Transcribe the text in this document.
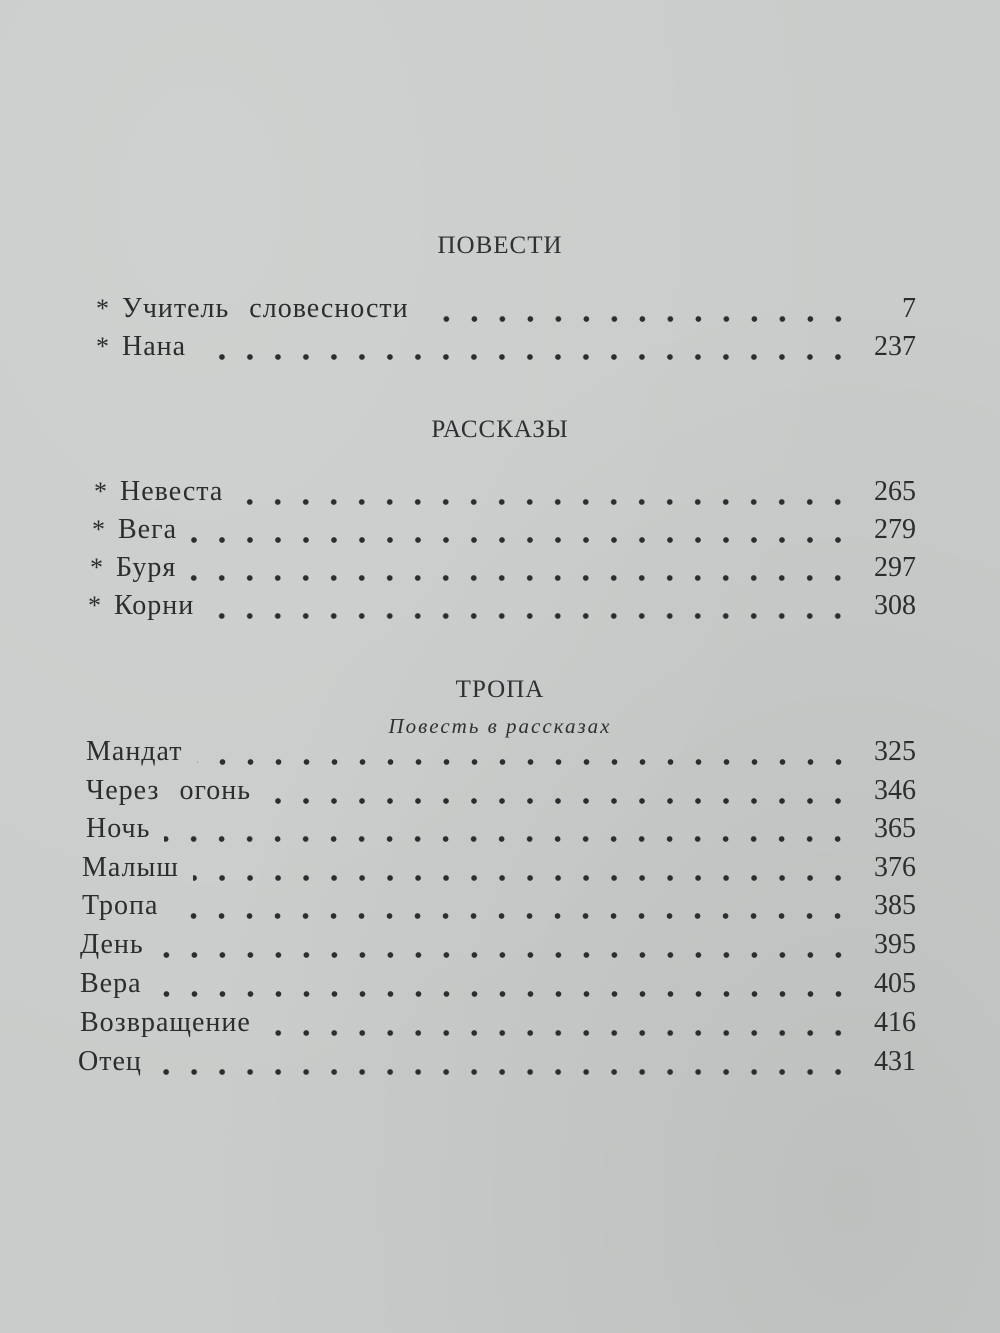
ПОВЕСТИ
* Учитель словесности	7
* Нана	237
РАССКАЗЫ
* Невеста	265
* Вега	279
* Буря	297
* Корни	308
ТРОПА
Повесть в рассказах
Мандат	325
Через огонь	346
Ночь	365
Малыш	376
Тропа	385
День	395
Вера	405
Возвращение	416
Отец	431
